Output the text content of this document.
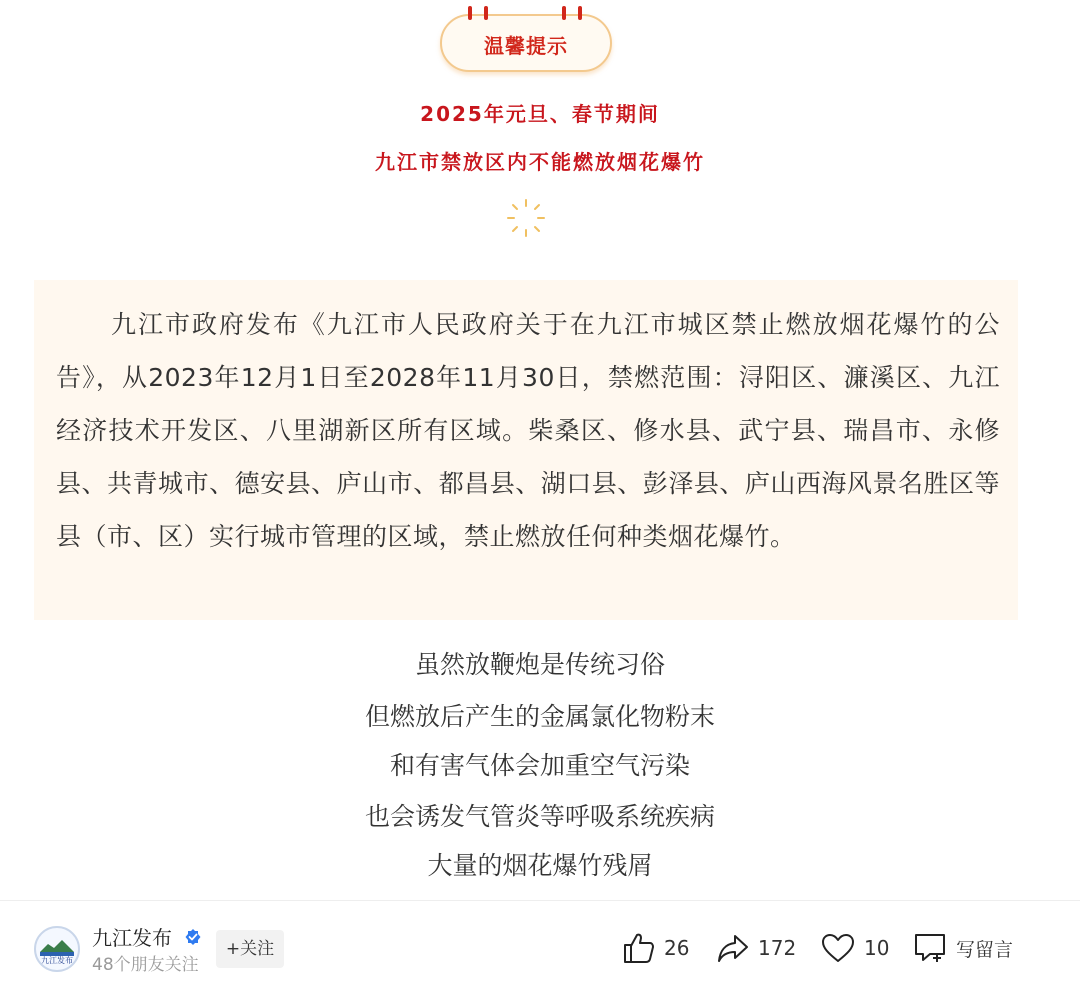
温馨提示
2025年元旦、春节期间
九江市禁放区内不能燃放烟花爆竹

九江市政府发布《九江市人民政府关于在九江市城区禁止燃放烟花爆竹的公告》，从2023年12月1日至2028年11月30日，禁燃范围：浔阳区、濂溪区、九江经济技术开发区、八里湖新区所有区域。柴桑区、修水县、武宁县、瑞昌市、永修县、共青城市、德安县、庐山市、都昌县、湖口县、彭泽县、庐山西海风景名胜区等县（市、区）实行城市管理的区域，禁止燃放任何种类烟花爆竹。

虽然放鞭炮是传统习俗
但燃放后产生的金属氯化物粉末
和有害气体会加重空气污染
也会诱发气管炎等呼吸系统疾病
大量的烟花爆竹残屑
九江发布
九江发布
48个朋友关注
+关注	26	172	10	写留言
